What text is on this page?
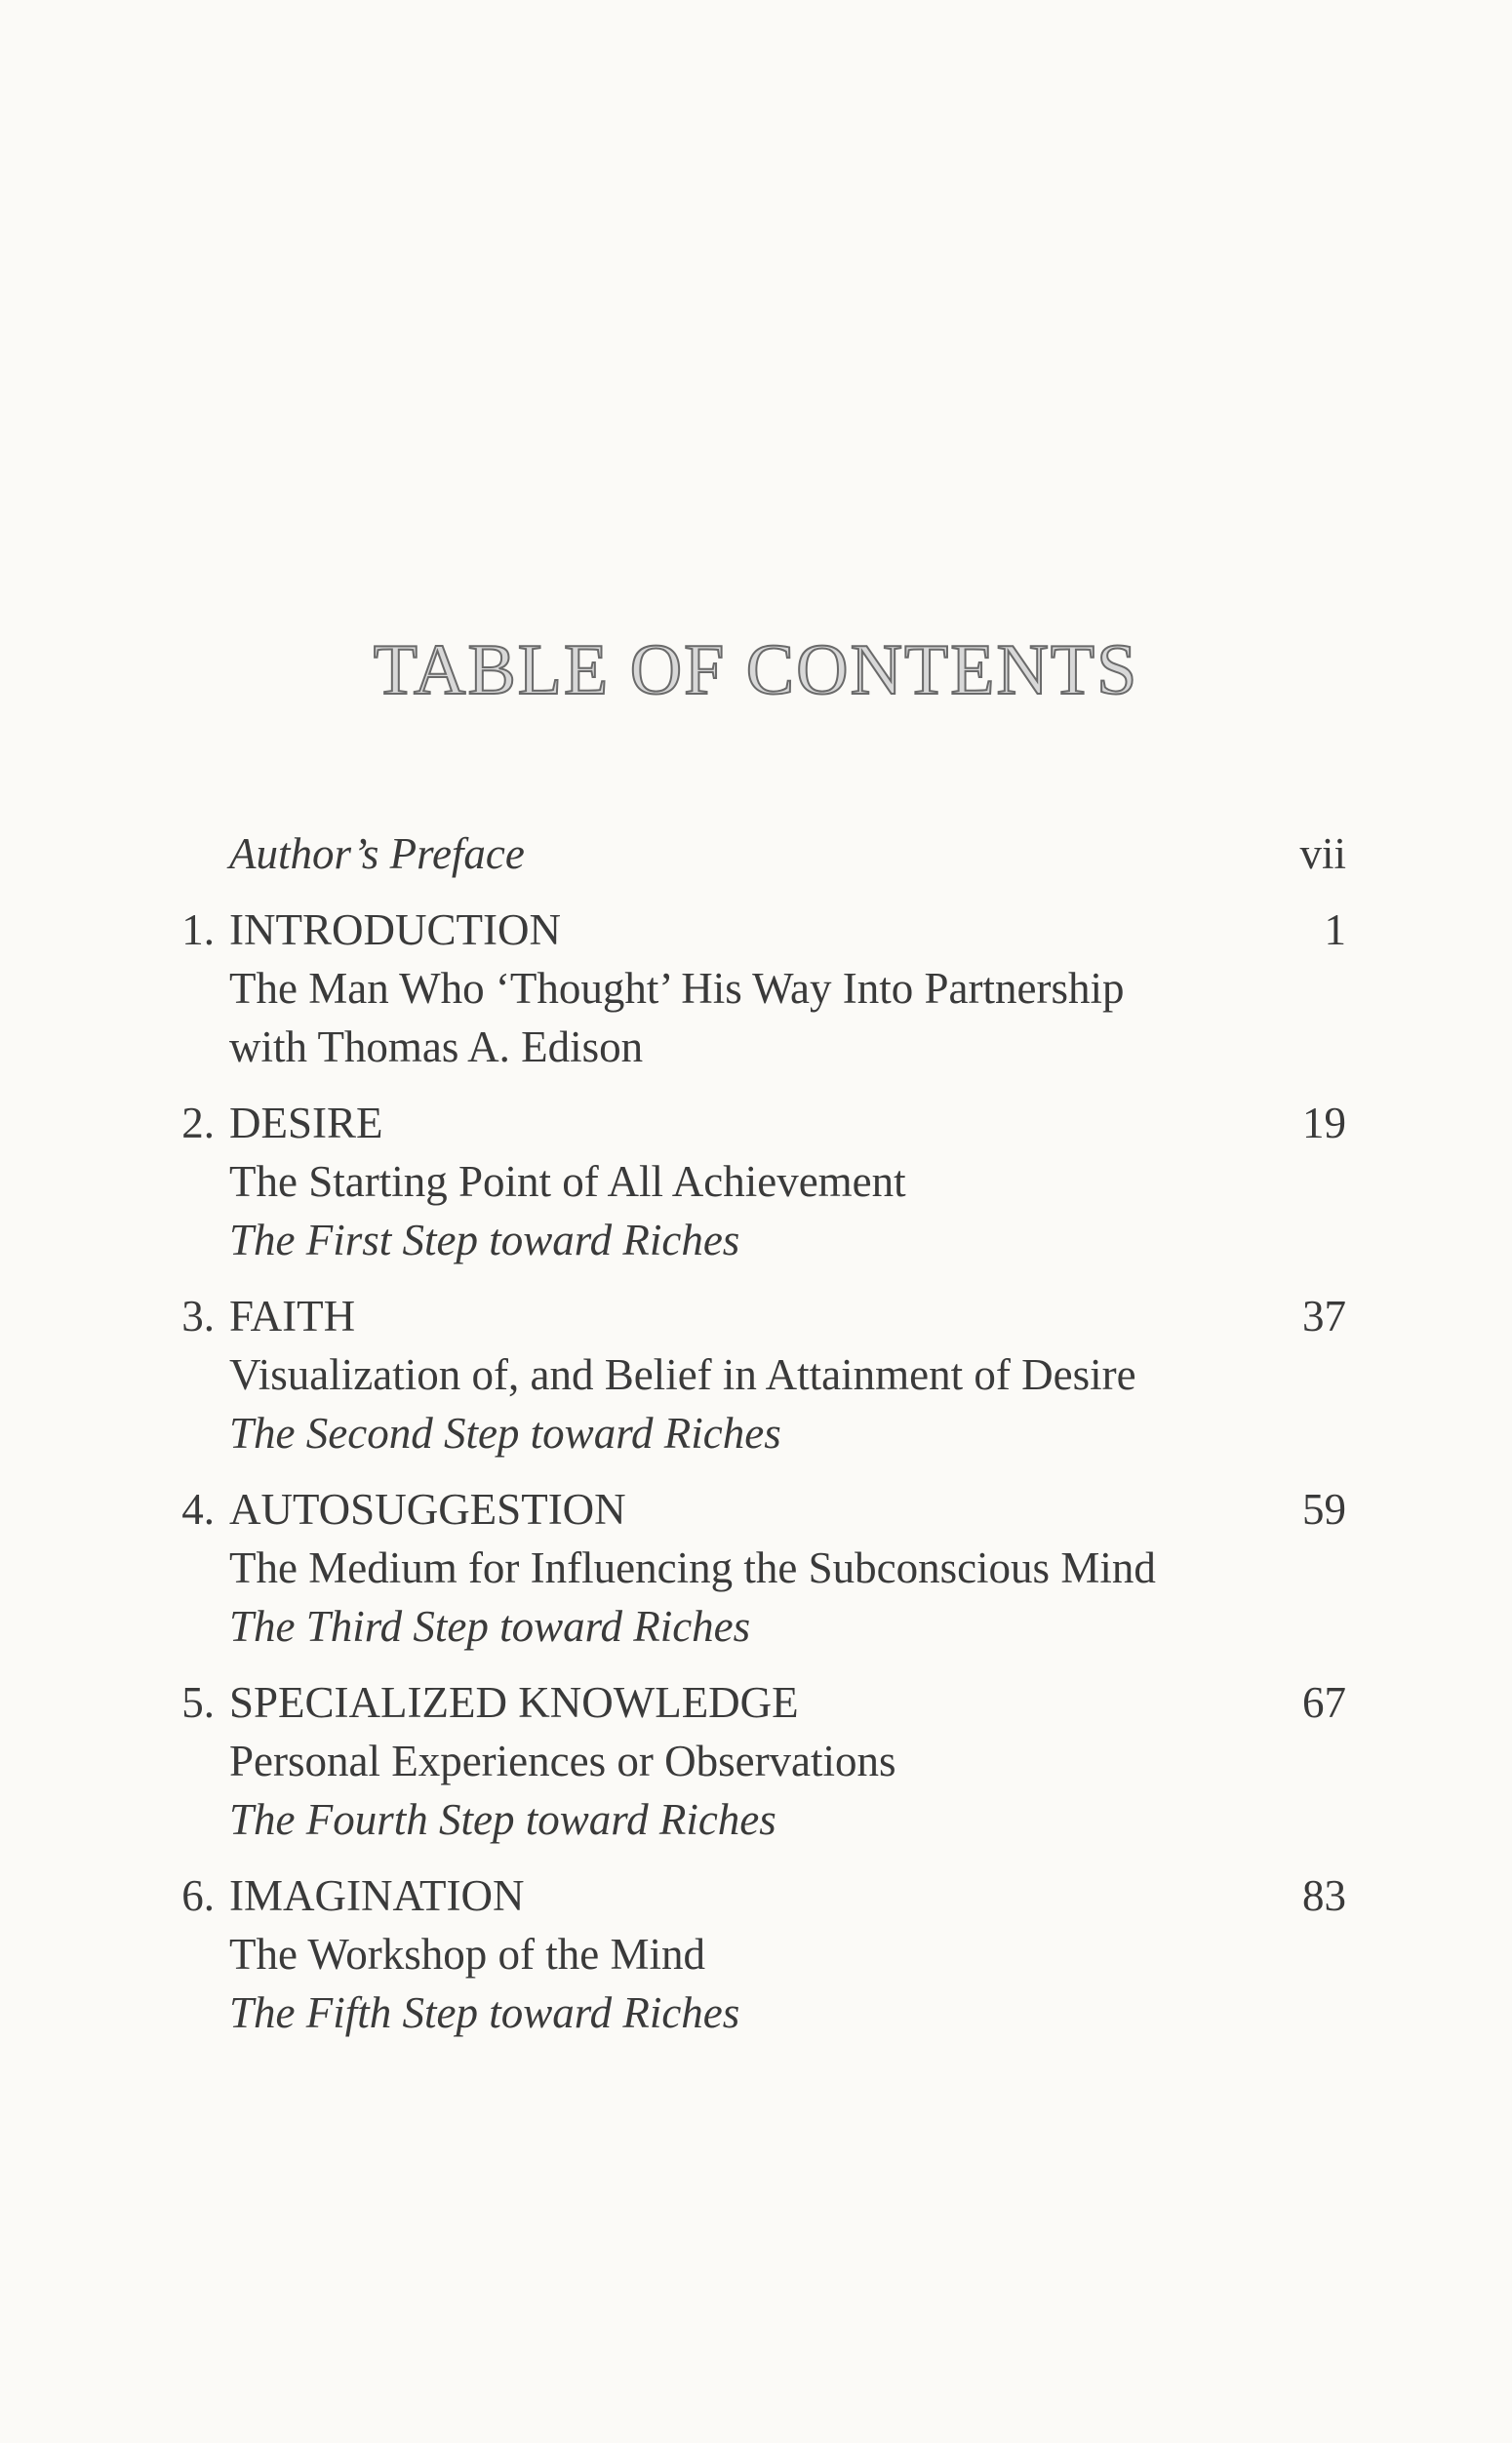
TABLE OF CONTENTS
Author’s Preface	vii
1. INTRODUCTION	1
The Man Who ‘Thought’ His Way Into Partnership
with Thomas A. Edison
2. DESIRE	19
The Starting Point of All Achievement
The First Step toward Riches
3. FAITH	37
Visualization of, and Belief in Attainment of Desire
The Second Step toward Riches
4. AUTOSUGGESTION	59
The Medium for Influencing the Subconscious Mind
The Third Step toward Riches
5. SPECIALIZED KNOWLEDGE	67
Personal Experiences or Observations
The Fourth Step toward Riches
6. IMAGINATION	83
The Workshop of the Mind
The Fifth Step toward Riches
